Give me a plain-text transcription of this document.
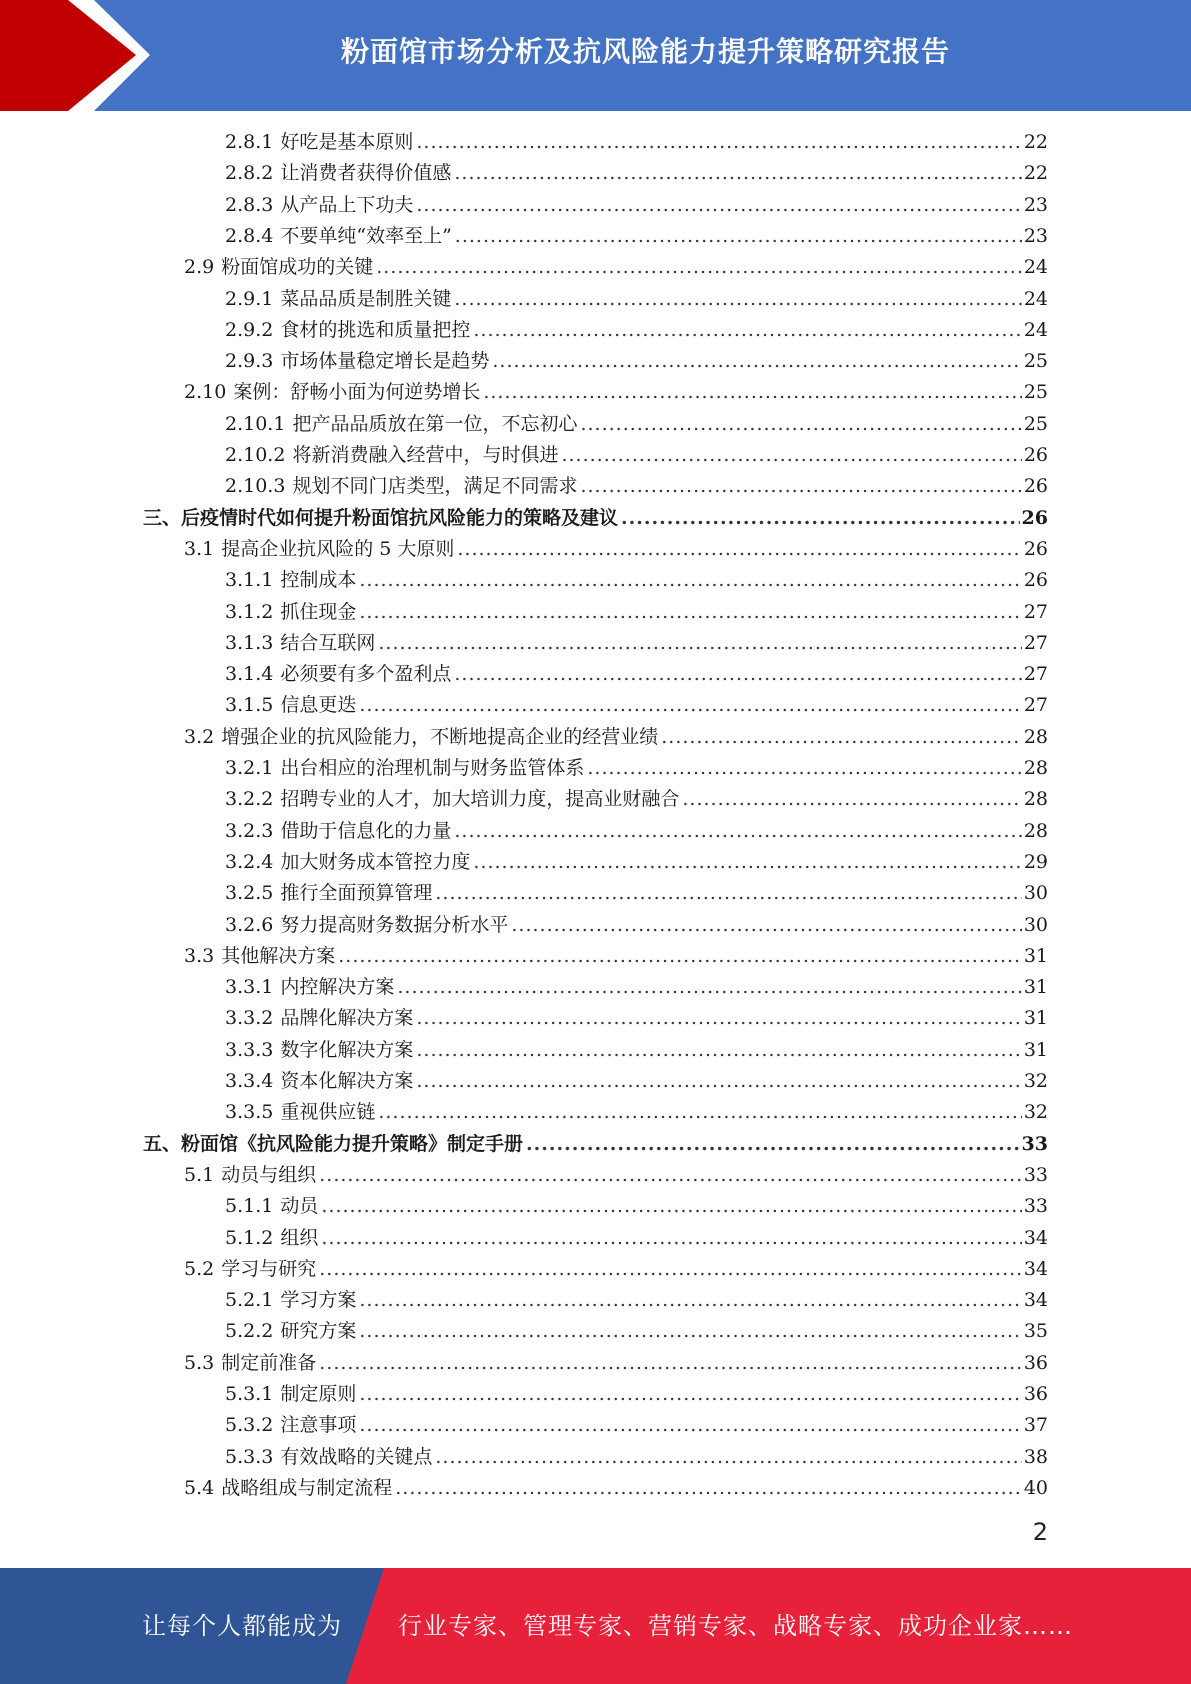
粉面馆市场分析及抗风险能力提升策略研究报告
2.8.1 好吃是基本原则 .....	22
2.8.2 让消费者获得价值感 .....	22
2.8.3 从产品上下功夫 .....	23
2.8.4 不要单纯“效率至上” .....	23
2.9 粉面馆成功的关键 .....	24
2.9.1 菜品品质是制胜关键 .....	24
2.9.2 食材的挑选和质量把控 .....	24
2.9.3 市场体量稳定增长是趋势 .....	25
2.10 案例：舒畅小面为何逆势增长 .....	25
2.10.1 把产品品质放在第一位，不忘初心 .....	25
2.10.2 将新消费融入经营中，与时俱进 .....	26
2.10.3 规划不同门店类型，满足不同需求 .....	26
三、后疫情时代如何提升粉面馆抗风险能力的策略及建议 .....	26
3.1 提高企业抗风险的 5 大原则 .....	26
3.1.1 控制成本 .....	26
3.1.2 抓住现金 .....	27
3.1.3 结合互联网 .....	27
3.1.4 必须要有多个盈利点 .....	27
3.1.5 信息更迭 .....	27
3.2 增强企业的抗风险能力，不断地提高企业的经营业绩 .....	28
3.2.1 出台相应的治理机制与财务监管体系 .....	28
3.2.2 招聘专业的人才，加大培训力度，提高业财融合 .....	28
3.2.3 借助于信息化的力量 .....	28
3.2.4 加大财务成本管控力度 .....	29
3.2.5 推行全面预算管理 .....	30
3.2.6 努力提高财务数据分析水平 .....	30
3.3 其他解决方案 .....	31
3.3.1 内控解决方案 .....	31
3.3.2 品牌化解决方案 .....	31
3.3.3 数字化解决方案 .....	31
3.3.4 资本化解决方案 .....	32
3.3.5 重视供应链 .....	32
五、粉面馆《抗风险能力提升策略》制定手册 .....	33
5.1 动员与组织 .....	33
5.1.1 动员 .....	33
5.1.2 组织 .....	34
5.2 学习与研究 .....	34
5.2.1 学习方案 .....	34
5.2.2 研究方案 .....	35
5.3 制定前准备 .....	36
5.3.1 制定原则 .....	36
5.3.2 注意事项 .....	37
5.3.3 有效战略的关键点 .....	38
5.4 战略组成与制定流程 .....	40
2
让每个人都能成为 行业专家、管理专家、营销专家、战略专家、成功企业家……
